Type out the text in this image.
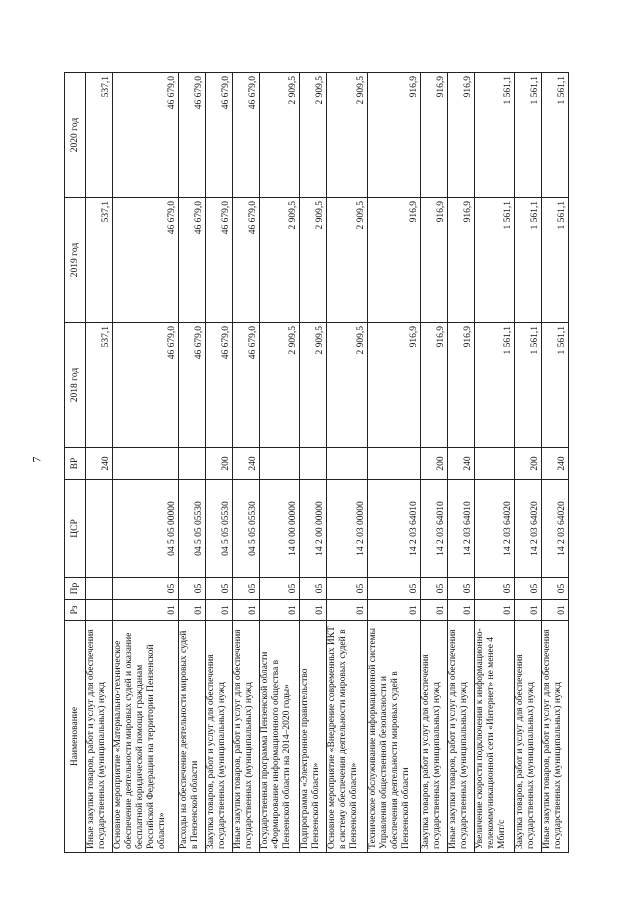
7
Наименование	Рз	Пр	ЦСР	ВР	2018 год	2019 год	2020 год
Иные закупки товаров, работ и услуг для обеспечения государственных (муниципальных) нужд				240	537,1	537,1	537,1
Основное мероприятие «Материально-техническое обеспечение деятельности мировых судей и оказание бесплатной юридической помощи гражданам Российской Федерации на территории Пензенской области»	01	05	04 5 05 00000		46 679,0	46 679,0	46 679,0
Расходы на обеспечение деятельности мировых судей в Пензенской области	01	05	04 5 05 05530		46 679,0	46 679,0	46 679,0
Закупка товаров, работ и услуг для обеспечения государственных (муниципальных) нужд	01	05	04 5 05 05530	200	46 679,0	46 679,0	46 679,0
Иные закупки товаров, работ и услуг для обеспечения государственных (муниципальных) нужд	01	05	04 5 05 05530	240	46 679,0	46 679,0	46 679,0
Государственная программа Пензенской области «Формирование информационного общества в Пензенской области на 2014–2020 годы»	01	05	14 0 00 00000		2 909,5	2 909,5	2 909,5
Подпрограмма «Электронное правительство Пензенской области»	01	05	14 2 00 00000		2 909,5	2 909,5	2 909,5
Основное мероприятие «Внедрение современных ИКТ в систему обеспечения деятельности мировых судей в Пензенской области»	01	05	14 2 03 00000		2 909,5	2 909,5	2 909,5
Техническое обслуживание информационной системы Управления общественной безопасности и обеспечения деятельности мировых судей в Пензенской области	01	05	14 2 03 64010		916,9	916,9	916,9
Закупка товаров, работ и услуг для обеспечения государственных (муниципальных) нужд	01	05	14 2 03 64010	200	916,9	916,9	916,9
Иные закупки товаров, работ и услуг для обеспечения государственных (муниципальных) нужд	01	05	14 2 03 64010	240	916,9	916,9	916,9
Увеличение скорости подключения к информационно-телекоммуникационной сети «Интернет» не менее 4 Мбит/с	01	05	14 2 03 64020		1 561,1	1 561,1	1 561,1
Закупка товаров, работ и услуг для обеспечения государственных (муниципальных) нужд	01	05	14 2 03 64020	200	1 561,1	1 561,1	1 561,1
Иные закупки товаров, работ и услуг для обеспечения государственных (муниципальных) нужд	01	05	14 2 03 64020	240	1 561,1	1 561,1	1 561,1
